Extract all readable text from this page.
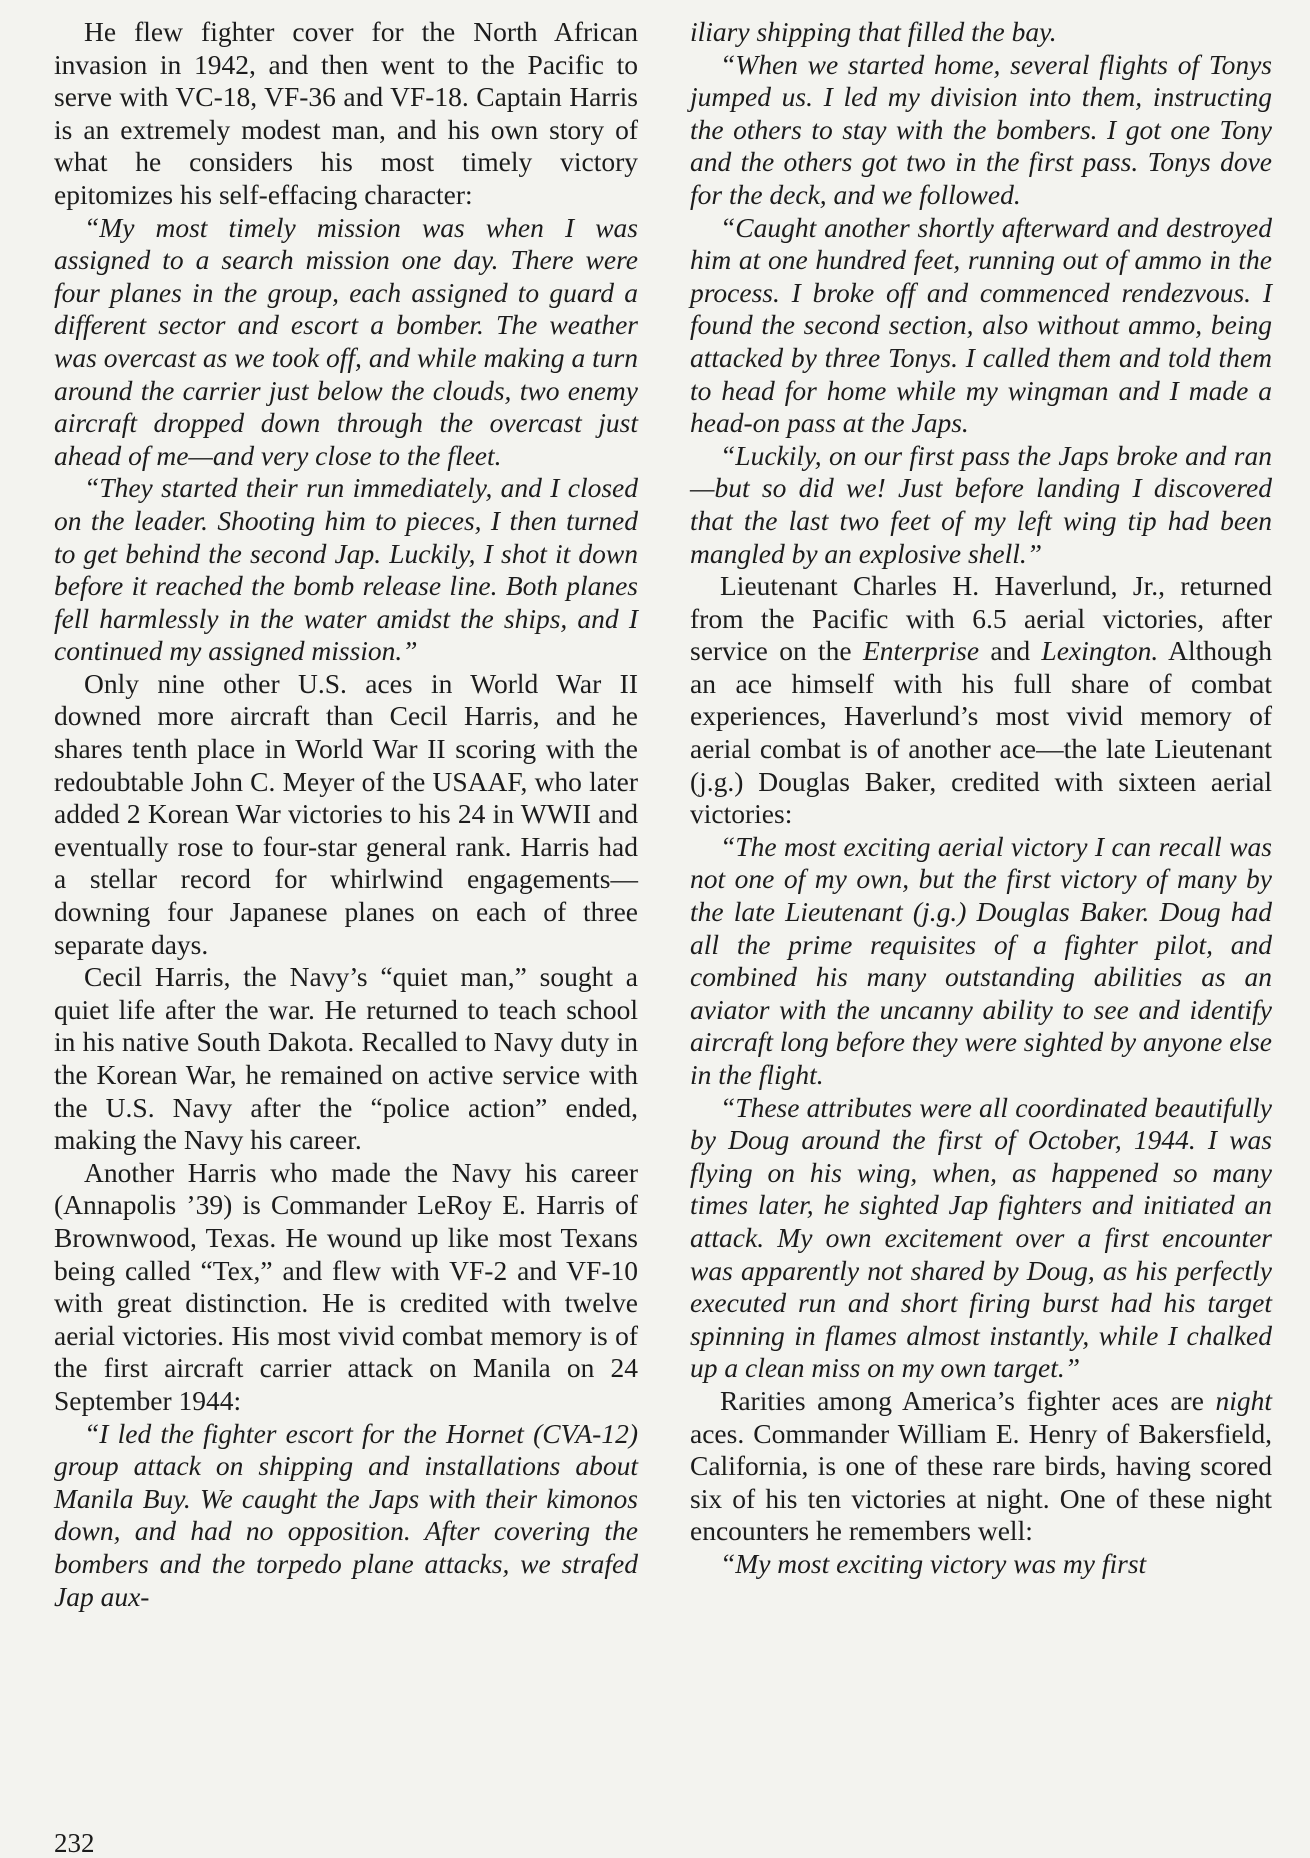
He flew fighter cover for the North African invasion in 1942, and then went to the Pacific to serve with VC-18, VF-36 and VF-18. Captain Harris is an extremely modest man, and his own story of what he considers his most timely victory epitomizes his self-effacing character:

“My most timely mission was when I was assigned to a search mission one day. There were four planes in the group, each assigned to guard a different sector and escort a bomber. The weather was overcast as we took off, and while making a turn around the carrier just below the clouds, two enemy aircraft dropped down through the overcast just ahead of me—and very close to the fleet.

“They started their run immediately, and I closed on the leader. Shooting him to pieces, I then turned to get behind the second Jap. Luckily, I shot it down before it reached the bomb release line. Both planes fell harmlessly in the water amidst the ships, and I continued my assigned mission.”

Only nine other U.S. aces in World War II downed more aircraft than Cecil Harris, and he shares tenth place in World War II scoring with the redoubtable John C. Meyer of the USAAF, who later added 2 Korean War victories to his 24 in WWII and eventually rose to four-star general rank. Harris had a stellar record for whirlwind engagements—downing four Japanese planes on each of three separate days.

Cecil Harris, the Navy’s “quiet man,” sought a quiet life after the war. He returned to teach school in his native South Dakota. Recalled to Navy duty in the Korean War, he remained on active service with the U.S. Navy after the “police action” ended, making the Navy his career.

Another Harris who made the Navy his career (Annapolis ’39) is Commander LeRoy E. Harris of Brownwood, Texas. He wound up like most Texans being called “Tex,” and flew with VF-2 and VF-10 with great distinction. He is credited with twelve aerial victories. His most vivid combat memory is of the first aircraft carrier attack on Manila on 24 September 1944:

“I led the fighter escort for the Hornet (CVA-12) group attack on shipping and installations about Manila Buy. We caught the Japs with their kimonos down, and had no opposition. After covering the bombers and the torpedo plane attacks, we strafed Jap aux-

iliary shipping that filled the bay.

“When we started home, several flights of Tonys jumped us. I led my division into them, instructing the others to stay with the bombers. I got one Tony and the others got two in the first pass. Tonys dove for the deck, and we followed.

“Caught another shortly afterward and destroyed him at one hundred feet, running out of ammo in the process. I broke off and commenced rendezvous. I found the second section, also without ammo, being attacked by three Tonys. I called them and told them to head for home while my wingman and I made a head-on pass at the Japs.

“Luckily, on our first pass the Japs broke and ran—but so did we! Just before landing I discovered that the last two feet of my left wing tip had been mangled by an explosive shell.”

Lieutenant Charles H. Haverlund, Jr., returned from the Pacific with 6.5 aerial victories, after service on the Enterprise and Lexington. Although an ace himself with his full share of combat experiences, Haverlund’s most vivid memory of aerial combat is of another ace—the late Lieutenant (j.g.) Douglas Baker, credited with sixteen aerial victories:

“The most exciting aerial victory I can recall was not one of my own, but the first victory of many by the late Lieutenant (j.g.) Douglas Baker. Doug had all the prime requisites of a fighter pilot, and combined his many outstanding abilities as an aviator with the uncanny ability to see and identify aircraft long before they were sighted by anyone else in the flight.

“These attributes were all coordinated beautifully by Doug around the first of October, 1944. I was flying on his wing, when, as happened so many times later, he sighted Jap fighters and initiated an attack. My own excitement over a first encounter was apparently not shared by Doug, as his perfectly executed run and short firing burst had his target spinning in flames almost instantly, while I chalked up a clean miss on my own target.”

Rarities among America’s fighter aces are night aces. Commander William E. Henry of Bakersfield, California, is one of these rare birds, having scored six of his ten victories at night. One of these night encounters he remembers well:

“My most exciting victory was my first

232
